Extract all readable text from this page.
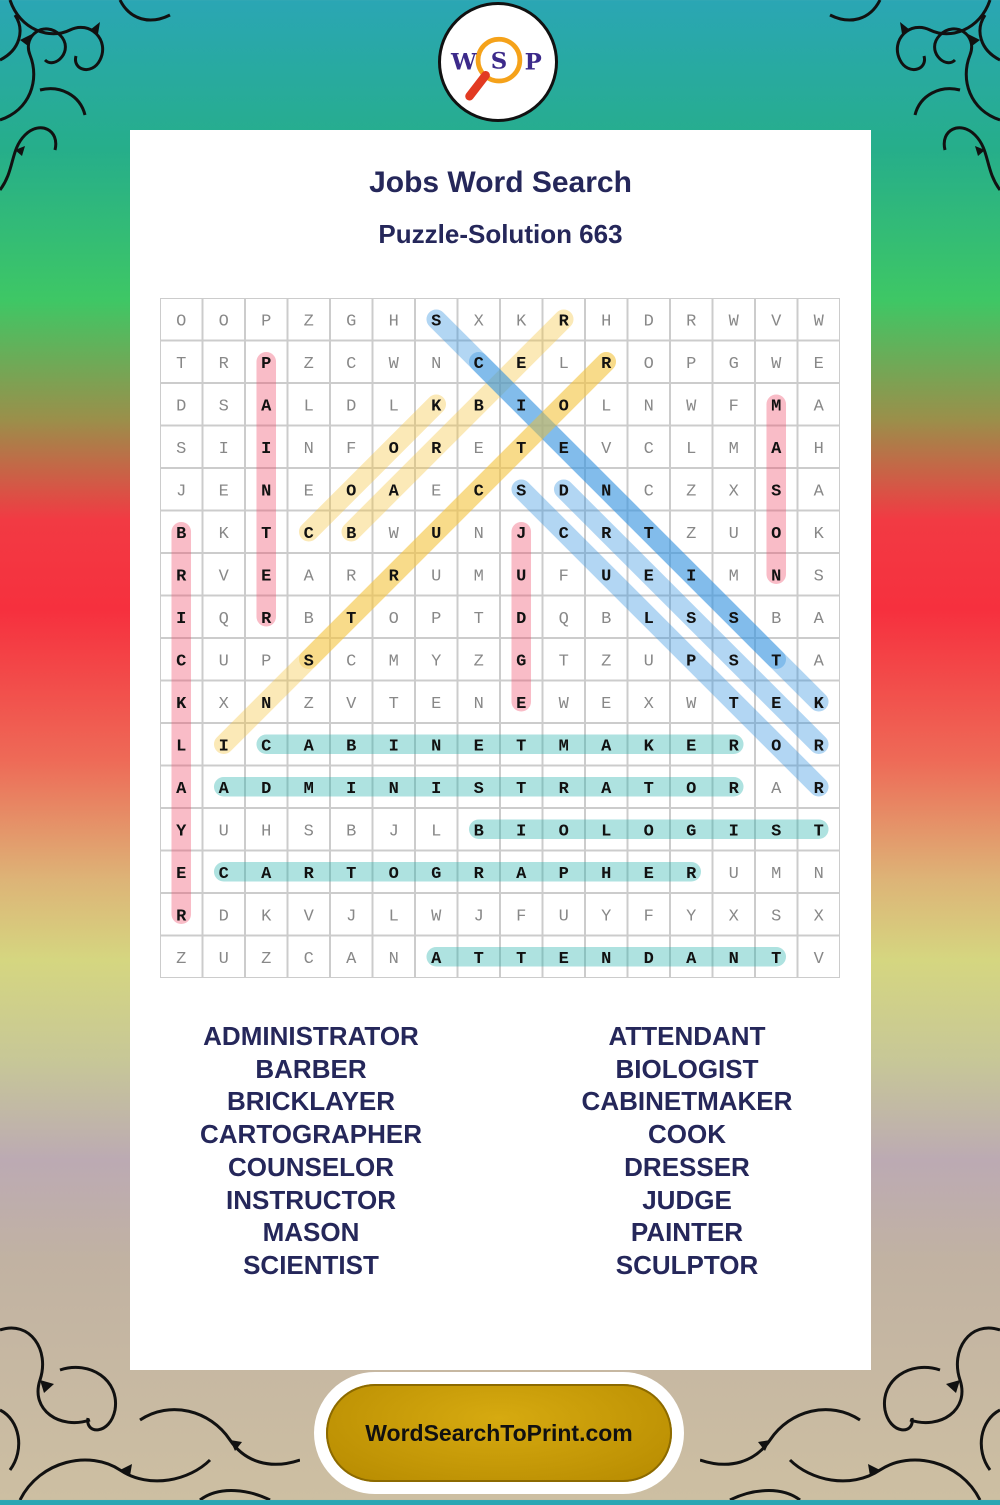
W S P
Jobs Word Search
Puzzle-Solution 663
O O P Z G H S X K R H D R W V W
T R P Z C W N C E L R O P G W E
D S A L D L K B I O L N W F M A
S I I N F O R E T E V C L M A H
J E N E O A E C S D N C Z X S A
B K T C B W U N J C R T Z U O K
R V E A R R U M U F U E I M N S
I Q R B T O P T D Q B L S S B A
C U P S C M Y Z G T Z U P S T A
K X N Z V T E N E W E X W T E K
L I C A B I N E T M A K E R O R
A A D M I N I S T R A T O R A R
Y U H S B J L B I O L O G I S T
E C A R T O G R A P H E R U M N
R D K V J L W J F U Y F Y X S X
Z U Z C A N A T T E N D A N T V
ADMINISTRATOR
BARBER
BRICKLAYER
CARTOGRAPHER
COUNSELOR
INSTRUCTOR
MASON
SCIENTIST
ATTENDANT
BIOLOGIST
CABINETMAKER
COOK
DRESSER
JUDGE
PAINTER
SCULPTOR
WordSearchToPrint.com
